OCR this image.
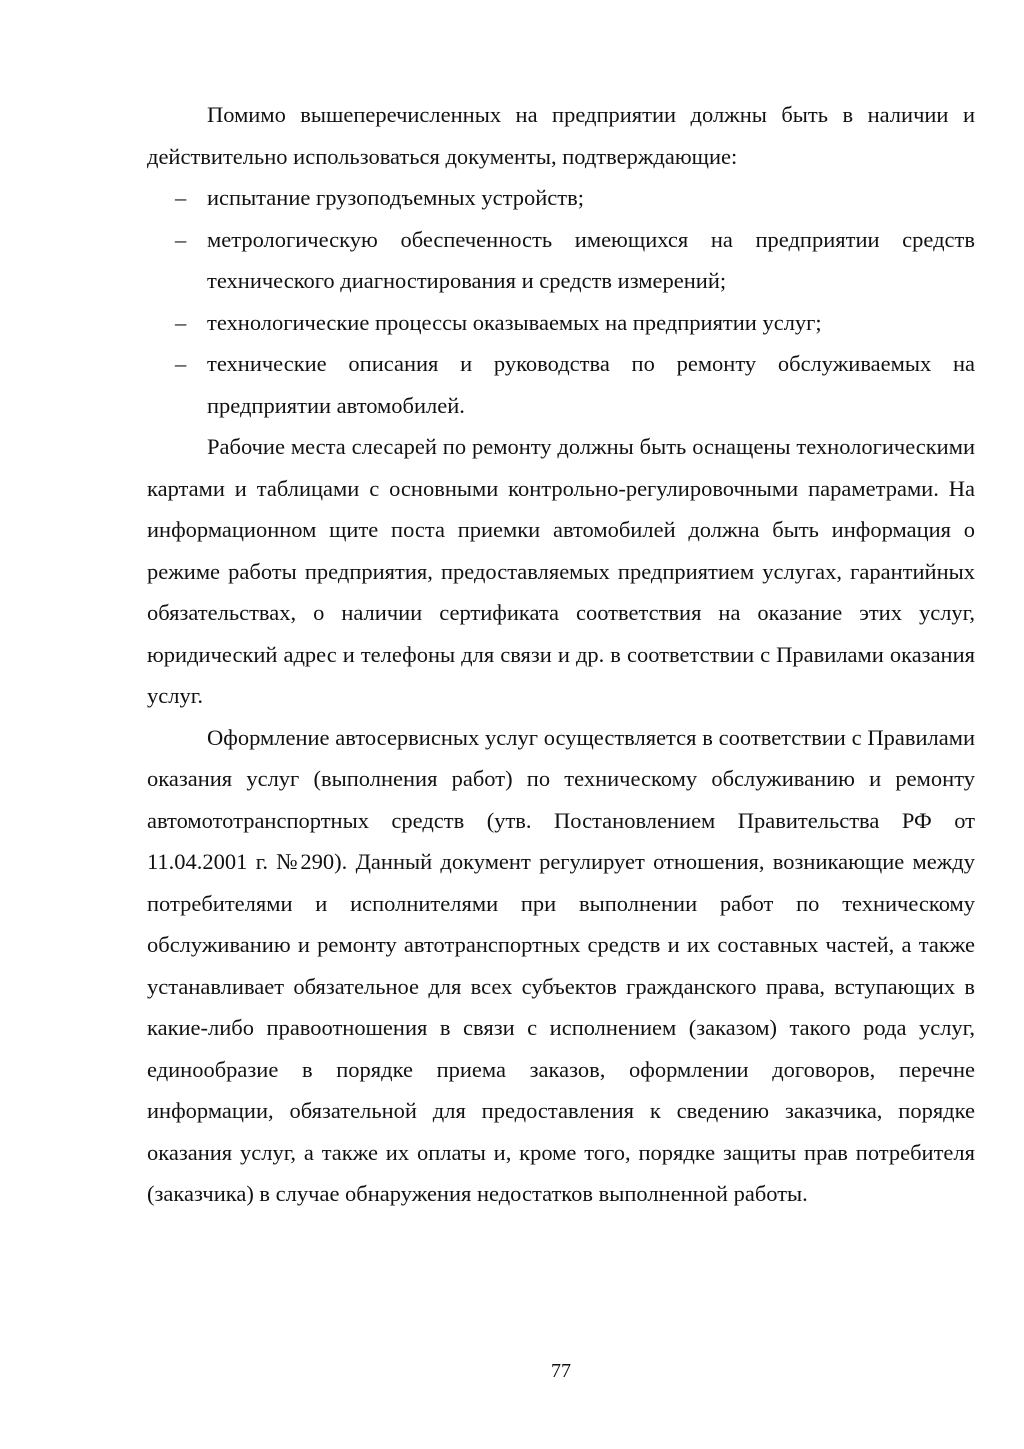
Помимо вышеперечисленных на предприятии должны быть в наличии и действительно использоваться документы, подтверждающие:

– испытание грузоподъемных устройств;
– метрологическую обеспеченность имеющихся на предприятии средств технического диагностирования и средств измерений;
– технологические процессы оказываемых на предприятии услуг;
– технические описания и руководства по ремонту обслуживаемых на предприятии автомобилей.

Рабочие места слесарей по ремонту должны быть оснащены технологическими картами и таблицами с основными контрольно-регулировочными параметрами. На информационном щите поста приемки автомобилей должна быть информация о режиме работы предприятия, предоставляемых предприятием услугах, гарантийных обязательствах, о наличии сертификата соответствия на оказание этих услуг, юридический адрес и телефоны для связи и др. в соответствии с Правилами оказания услуг.

Оформление автосервисных услуг осуществляется в соответствии с Правилами оказания услуг (выполнения работ) по техническому обслуживанию и ремонту автомототранспортных средств (утв. Постановлением Правительства РФ от 11.04.2001 г. №290). Данный документ регулирует отношения, возникающие между потребителями и исполнителями при выполнении работ по техническому обслуживанию и ремонту автотранспортных средств и их составных частей, а также устанавливает обязательное для всех субъектов гражданского права, вступающих в какие-либо правоотношения в связи с исполнением (заказом) такого рода услуг, единообразие в порядке приема заказов, оформлении договоров, перечне информации, обязательной для предоставления к сведению заказчика, порядке оказания услуг, а также их оплаты и, кроме того, порядке защиты прав потребителя (заказчика) в случае обнаружения недостатков выполненной работы.

77
